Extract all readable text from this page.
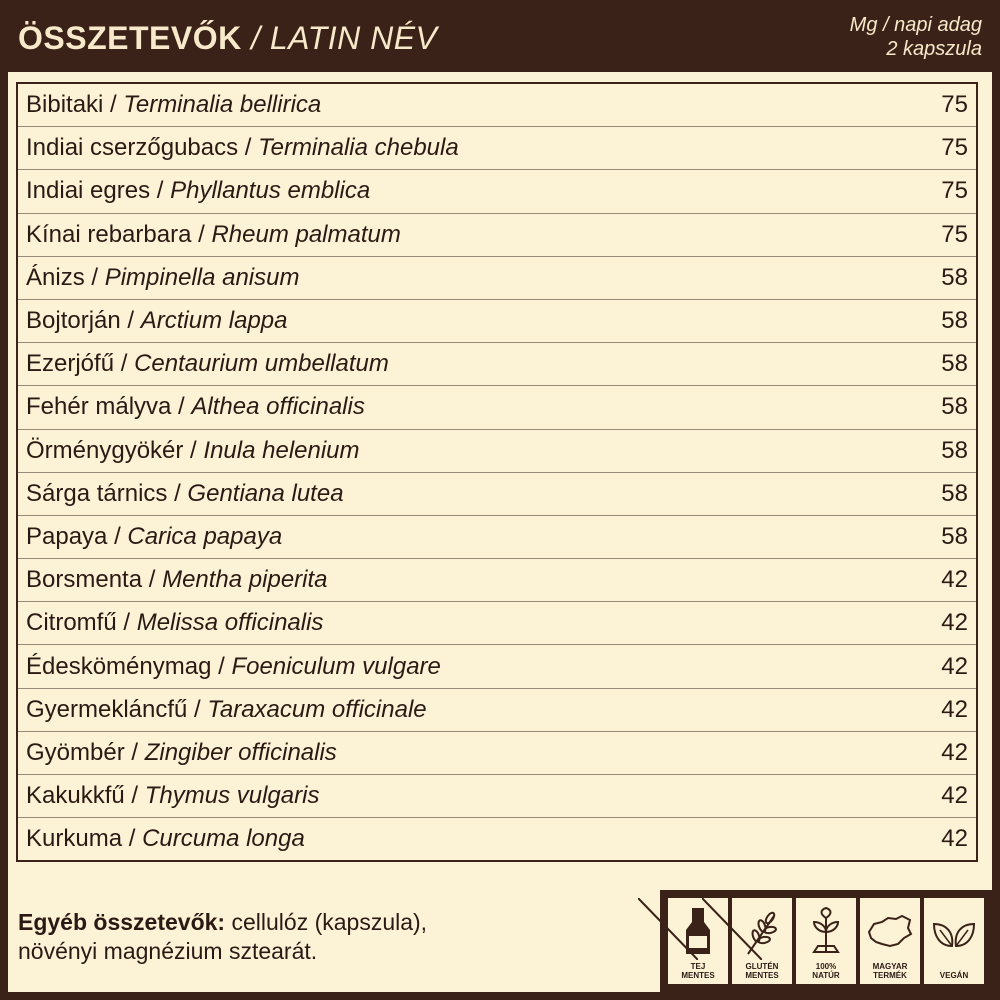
ÖSSZETEVŐK / LATIN NÉV	Mg / napi adag
2 kapszula
Bibitaki / Terminalia bellirica	75
Indiai cserzőgubacs / Terminalia chebula	75
Indiai egres / Phyllantus emblica	75
Kínai rebarbara / Rheum palmatum	75
Ánizs / Pimpinella anisum	58
Bojtorján / Arctium lappa	58
Ezerjófű / Centaurium umbellatum	58
Fehér mályva / Althea officinalis	58
Örménygyökér / Inula helenium	58
Sárga tárnics / Gentiana lutea	58
Papaya / Carica papaya	58
Borsmenta / Mentha piperita	42
Citromfű / Melissa officinalis	42
Édesköménymag / Foeniculum vulgare	42
Gyermekláncfű / Taraxacum officinale	42
Gyömbér / Zingiber officinalis	42
Kakukkfű / Thymus vulgaris	42
Kurkuma / Curcuma longa	42
Egyéb összetevők: cellulóz (kapszula),
növényi magnézium sztearát.
TEJ
MENTES
GLUTÉN
MENTES
100%
NATÚR
MAGYAR
TERMÉK	VEGÁN
